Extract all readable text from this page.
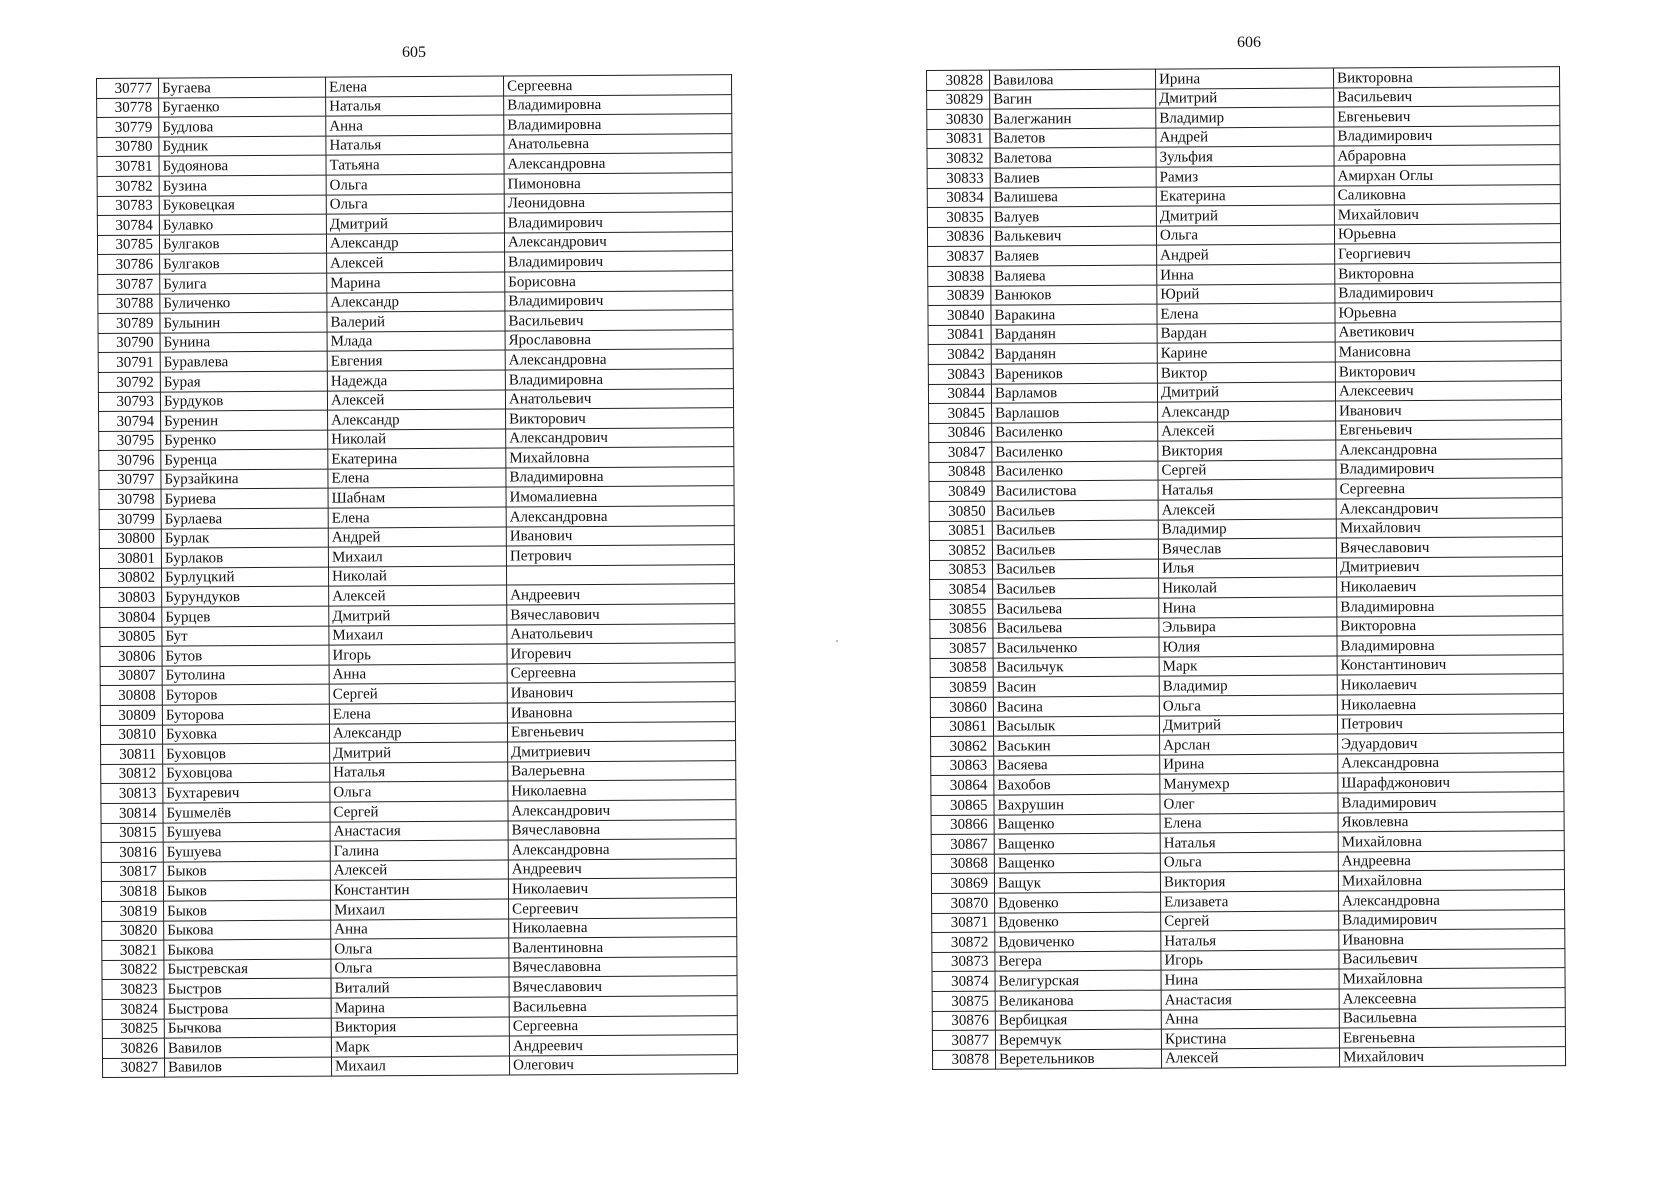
605
30777	Бугаева	Елена	Сергеевна
30778	Бугаенко	Наталья	Владимировна
30779	Будлова	Анна	Владимировна
30780	Будник	Наталья	Анатольевна
30781	Будоянова	Татьяна	Александровна
30782	Бузина	Ольга	Пимоновна
30783	Буковецкая	Ольга	Леонидовна
30784	Булавко	Дмитрий	Владимирович
30785	Булгаков	Александр	Александрович
30786	Булгаков	Алексей	Владимирович
30787	Булига	Марина	Борисовна
30788	Буличенко	Александр	Владимирович
30789	Булынин	Валерий	Васильевич
30790	Бунина	Млада	Ярославовна
30791	Буравлева	Евгения	Александровна
30792	Бурая	Надежда	Владимировна
30793	Бурдуков	Алексей	Анатольевич
30794	Буренин	Александр	Викторович
30795	Буренко	Николай	Александрович
30796	Буренца	Екатерина	Михайловна
30797	Бурзайкина	Елена	Владимировна
30798	Буриева	Шабнам	Имомалиевна
30799	Бурлаева	Елена	Александровна
30800	Бурлак	Андрей	Иванович
30801	Бурлаков	Михаил	Петрович
30802	Бурлуцкий	Николай	
30803	Бурундуков	Алексей	Андреевич
30804	Бурцев	Дмитрий	Вячеславович
30805	Бут	Михаил	Анатольевич
30806	Бутов	Игорь	Игоревич
30807	Бутолина	Анна	Сергеевна
30808	Буторов	Сергей	Иванович
30809	Буторова	Елена	Ивановна
30810	Буховка	Александр	Евгеньевич
30811	Буховцов	Дмитрий	Дмитриевич
30812	Буховцова	Наталья	Валерьевна
30813	Бухтаревич	Ольга	Николаевна
30814	Бушмелёв	Сергей	Александрович
30815	Бушуева	Анастасия	Вячеславовна
30816	Бушуева	Галина	Александровна
30817	Быков	Алексей	Андреевич
30818	Быков	Константин	Николаевич
30819	Быков	Михаил	Сергеевич
30820	Быкова	Анна	Николаевна
30821	Быкова	Ольга	Валентиновна
30822	Быстревская	Ольга	Вячеславовна
30823	Быстров	Виталий	Вячеславович
30824	Быстрова	Марина	Васильевна
30825	Бычкова	Виктория	Сергеевна
30826	Вавилов	Марк	Андреевич
30827	Вавилов	Михаил	Олегович
606
30828	Вавилова	Ирина	Викторовна
30829	Вагин	Дмитрий	Васильевич
30830	Валегжанин	Владимир	Евгеньевич
30831	Валетов	Андрей	Владимирович
30832	Валетова	Зульфия	Абраровна
30833	Валиев	Рамиз	Амирхан Оглы
30834	Валишева	Екатерина	Саликовна
30835	Валуев	Дмитрий	Михайлович
30836	Валькевич	Ольга	Юрьевна
30837	Валяев	Андрей	Георгиевич
30838	Валяева	Инна	Викторовна
30839	Ванюков	Юрий	Владимирович
30840	Варакина	Елена	Юрьевна
30841	Варданян	Вардан	Аветикович
30842	Варданян	Карине	Манисовна
30843	Вареников	Виктор	Викторович
30844	Варламов	Дмитрий	Алексеевич
30845	Варлашов	Александр	Иванович
30846	Василенко	Алексей	Евгеньевич
30847	Василенко	Виктория	Александровна
30848	Василенко	Сергей	Владимирович
30849	Василистова	Наталья	Сергеевна
30850	Васильев	Алексей	Александрович
30851	Васильев	Владимир	Михайлович
30852	Васильев	Вячеслав	Вячеславович
30853	Васильев	Илья	Дмитриевич
30854	Васильев	Николай	Николаевич
30855	Васильева	Нина	Владимировна
30856	Васильева	Эльвира	Викторовна
30857	Васильченко	Юлия	Владимировна
30858	Васильчук	Марк	Константинович
30859	Васин	Владимир	Николаевич
30860	Васина	Ольга	Николаевна
30861	Васылык	Дмитрий	Петрович
30862	Васькин	Арслан	Эдуардович
30863	Васяева	Ирина	Александровна
30864	Вахобов	Манумехр	Шарафджонович
30865	Вахрушин	Олег	Владимирович
30866	Ващенко	Елена	Яковлевна
30867	Ващенко	Наталья	Михайловна
30868	Ващенко	Ольга	Андреевна
30869	Ващук	Виктория	Михайловна
30870	Вдовенко	Елизавета	Александровна
30871	Вдовенко	Сергей	Владимирович
30872	Вдовиченко	Наталья	Ивановна
30873	Вегера	Игорь	Васильевич
30874	Велигурская	Нина	Михайловна
30875	Великанова	Анастасия	Алексеевна
30876	Вербицкая	Анна	Васильевна
30877	Веремчук	Кристина	Евгеньевна
30878	Веретельников	Алексей	Михайлович
